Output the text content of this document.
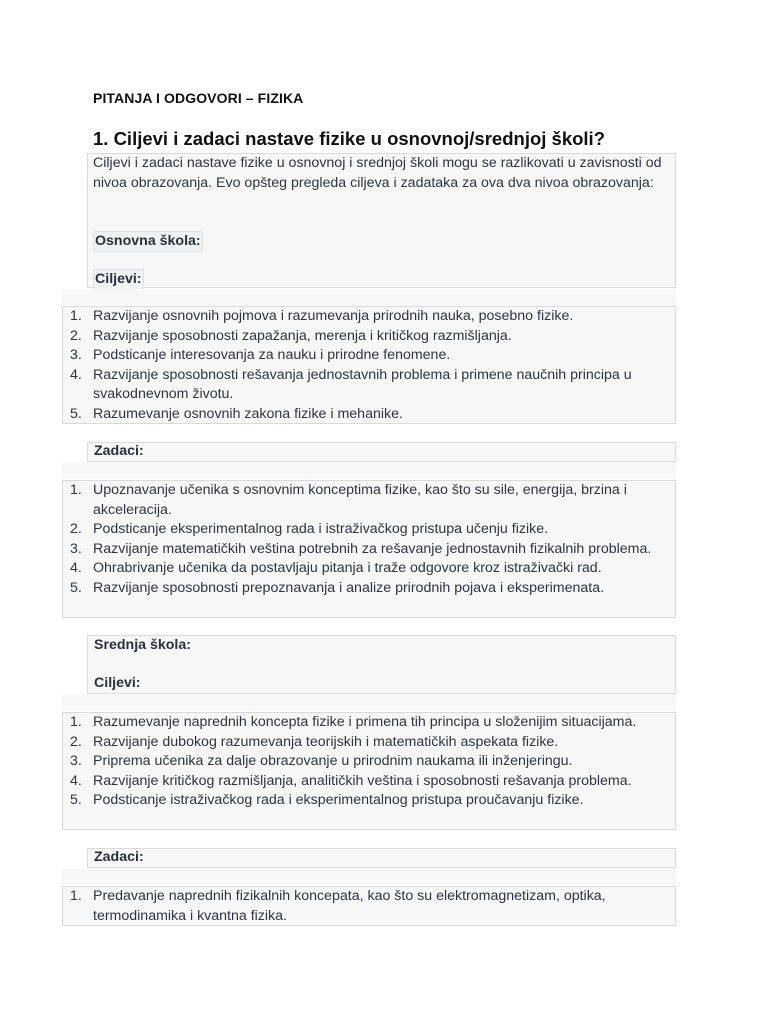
PITANJA I ODGOVORI – FIZIKA
1. Ciljevi i zadaci nastave fizike u osnovnoj/srednjoj školi?
Ciljevi i zadaci nastave fizike u osnovnoj i srednjoj školi mogu se razlikovati u zavisnosti od nivoa obrazovanja. Evo opšteg pregleda ciljeva i zadataka za ova dva nivoa obrazovanja:
Osnovna škola:
Ciljevi:
1. Razvijanje osnovnih pojmova i razumevanja prirodnih nauka, posebno fizike.
2. Razvijanje sposobnosti zapažanja, merenja i kritičkog razmišljanja.
3. Podsticanje interesovanja za nauku i prirodne fenomene.
4. Razvijanje sposobnosti rešavanja jednostavnih problema i primene naučnih principa u svakodnevnom životu.
5. Razumevanje osnovnih zakona fizike i mehanike.
Zadaci:
1. Upoznavanje učenika s osnovnim konceptima fizike, kao što su sile, energija, brzina i akceleracija.
2. Podsticanje eksperimentalnog rada i istraživačkog pristupa učenju fizike.
3. Razvijanje matematičkih veština potrebnih za rešavanje jednostavnih fizikalnih problema.
4. Ohrabrivanje učenika da postavljaju pitanja i traže odgovore kroz istraživački rad.
5. Razvijanje sposobnosti prepoznavanja i analize prirodnih pojava i eksperimenata.
Srednja škola:
Ciljevi:
1. Razumevanje naprednih koncepta fizike i primena tih principa u složenijim situacijama.
2. Razvijanje dubokog razumevanja teorijskih i matematičkih aspekata fizike.
3. Priprema učenika za dalje obrazovanje u prirodnim naukama ili inženjeringu.
4. Razvijanje kritičkog razmišljanja, analitičkih veština i sposobnosti rešavanja problema.
5. Podsticanje istraživačkog rada i eksperimentalnog pristupa proučavanju fizike.
Zadaci:
1. Predavanje naprednih fizikalnih koncepata, kao što su elektromagnetizam, optika, termodinamika i kvantna fizika.
